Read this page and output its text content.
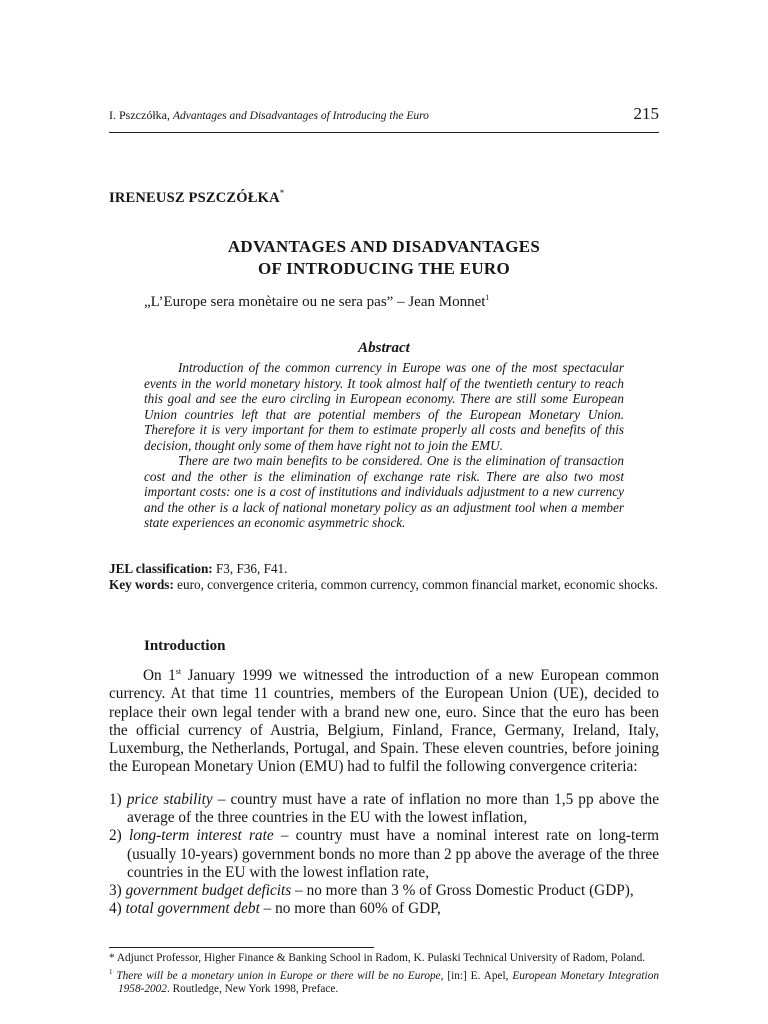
I. Pszczółka, Advantages and Disadvantages of Introducing the Euro	215
IRENEUSZ PSZCZÓŁKA*
ADVANTAGES AND DISADVANTAGES
OF INTRODUCING THE EURO
„L’Europe sera monètaire ou ne sera pas” – Jean Monnet$^1$
Abstract

Introduction of the common currency in Europe was one of the most spectacular events in the world monetary history. It took almost half of the twentieth century to reach this goal and see the euro circling in European economy. There are still some European Union countries left that are potential members of the European Monetary Union. Therefore it is very important for them to estimate properly all costs and benefits of this decision, thought only some of them have right not to join the EMU.

There are two main benefits to be considered. One is the elimination of transaction cost and the other is the elimination of exchange rate risk. There are also two most important costs: one is a cost of institutions and individuals adjustment to a new currency and the other is a lack of national monetary policy as an adjustment tool when a member state experiences an economic asymmetric shock.

JEL classification: F3, F36, F41.
Key words: euro, convergence criteria, common currency, common financial market, economic shocks.
Introduction

On 1st January 1999 we witnessed the introduction of a new European common currency. At that time 11 countries, members of the European Union (UE), decided to replace their own legal tender with a brand new one, euro. Since that the euro has been the official currency of Austria, Belgium, Finland, France, Germany, Ireland, Italy, Luxemburg, the Netherlands, Portugal, and Spain. These eleven countries, before joining the European Monetary Union (EMU) had to fulfil the following convergence criteria:

1) price stability – country must have a rate of inflation no more than 1,5 pp above the average of the three countries in the EU with the lowest inflation,
2) long-term interest rate – country must have a nominal interest rate on long-term (usually 10-years) government bonds no more than 2 pp above the average of the three countries in the EU with the lowest inflation rate,
3) government budget deficits – no more than 3 % of Gross Domestic Product (GDP),
4) total government debt – no more than 60% of GDP,
* Adjunct Professor, Higher Finance & Banking School in Radom, K. Pulaski Technical University of Radom, Poland.
$^1$ There will be a monetary union in Europe or there will be no Europe, [in:] E. Apel, European Monetary Integration 1958-2002. Routledge, New York 1998, Preface.
